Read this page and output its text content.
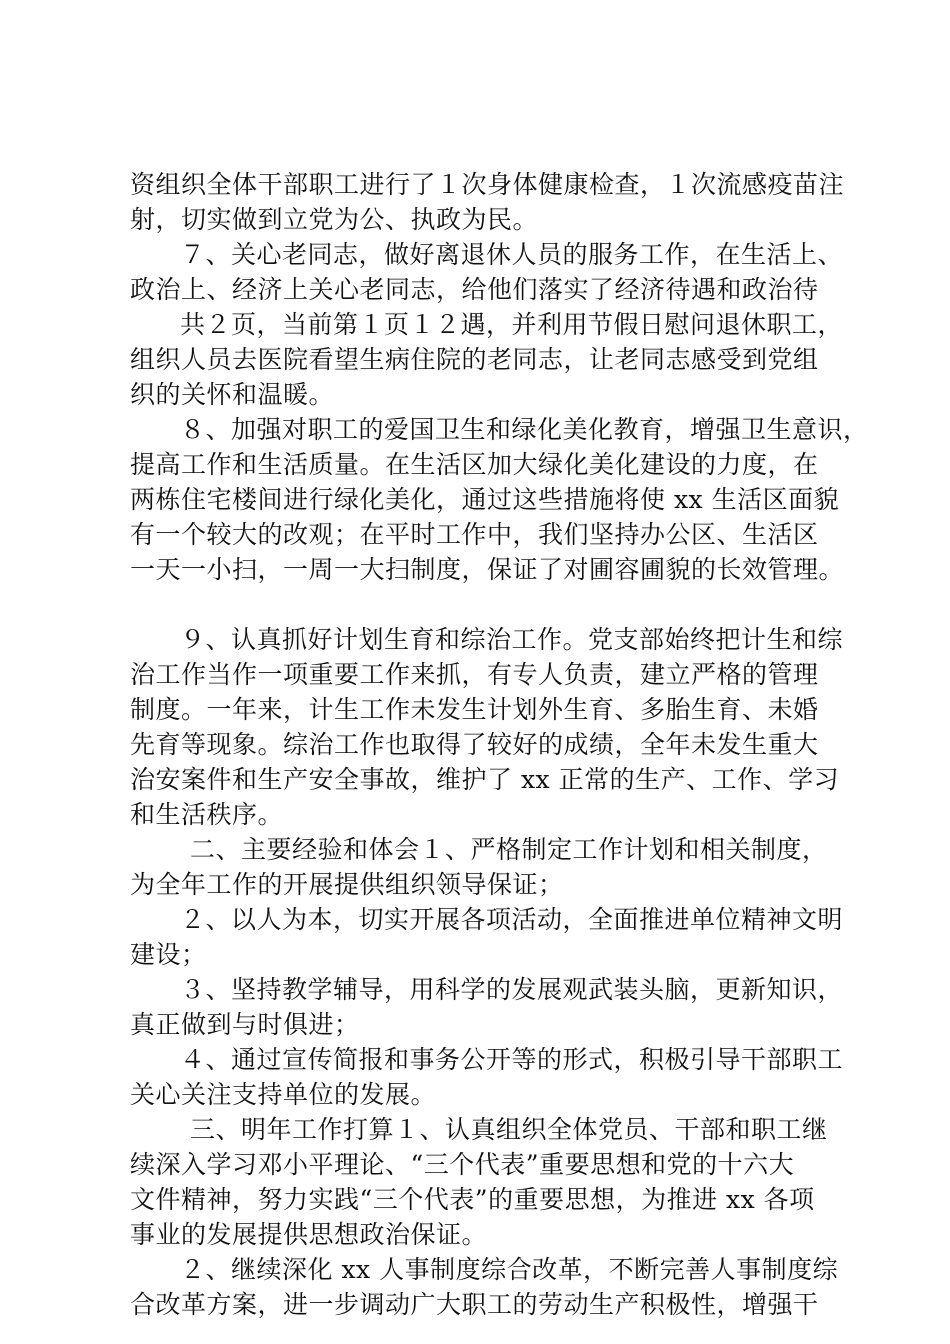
资组织全体干部职工进行了１次身体健康检查，１次流感疫苗注
射，切实做到立党为公、执政为民。
７、关心老同志，做好离退休人员的服务工作，在生活上、
政治上、经济上关心老同志，给他们落实了经济待遇和政治待
共２页，当前第１页１２遇，并利用节假日慰问退休职工，
组织人员去医院看望生病住院的老同志，让老同志感受到党组
织的关怀和温暖。
８、加强对职工的爱国卫生和绿化美化教育，增强卫生意识，
提高工作和生活质量。在生活区加大绿化美化建设的力度，在
两栋住宅楼间进行绿化美化，通过这些措施将使 xx 生活区面貌
有一个较大的改观；在平时工作中，我们坚持办公区、生活区
一天一小扫，一周一大扫制度，保证了对圃容圃貌的长效管理。
９、认真抓好计划生育和综治工作。党支部始终把计生和综
治工作当作一项重要工作来抓，有专人负责，建立严格的管理
制度。一年来，计生工作未发生计划外生育、多胎生育、未婚
先育等现象。综治工作也取得了较好的成绩，全年未发生重大
治安案件和生产安全事故，维护了 xx 正常的生产、工作、学习
和生活秩序。
二、主要经验和体会１、严格制定工作计划和相关制度，
为全年工作的开展提供组织领导保证；
２、以人为本，切实开展各项活动，全面推进单位精神文明
建设；
３、坚持教学辅导，用科学的发展观武装头脑，更新知识，
真正做到与时俱进；
４、通过宣传简报和事务公开等的形式，积极引导干部职工
关心关注支持单位的发展。
三、明年工作打算１、认真组织全体党员、干部和职工继
续深入学习邓小平理论、“三个代表”重要思想和党的十六大
文件精神，努力实践“三个代表”的重要思想，为推进 xx 各项
事业的发展提供思想政治保证。
２、继续深化 xx 人事制度综合改革，不断完善人事制度综
合改革方案，进一步调动广大职工的劳动生产积极性，增强干
